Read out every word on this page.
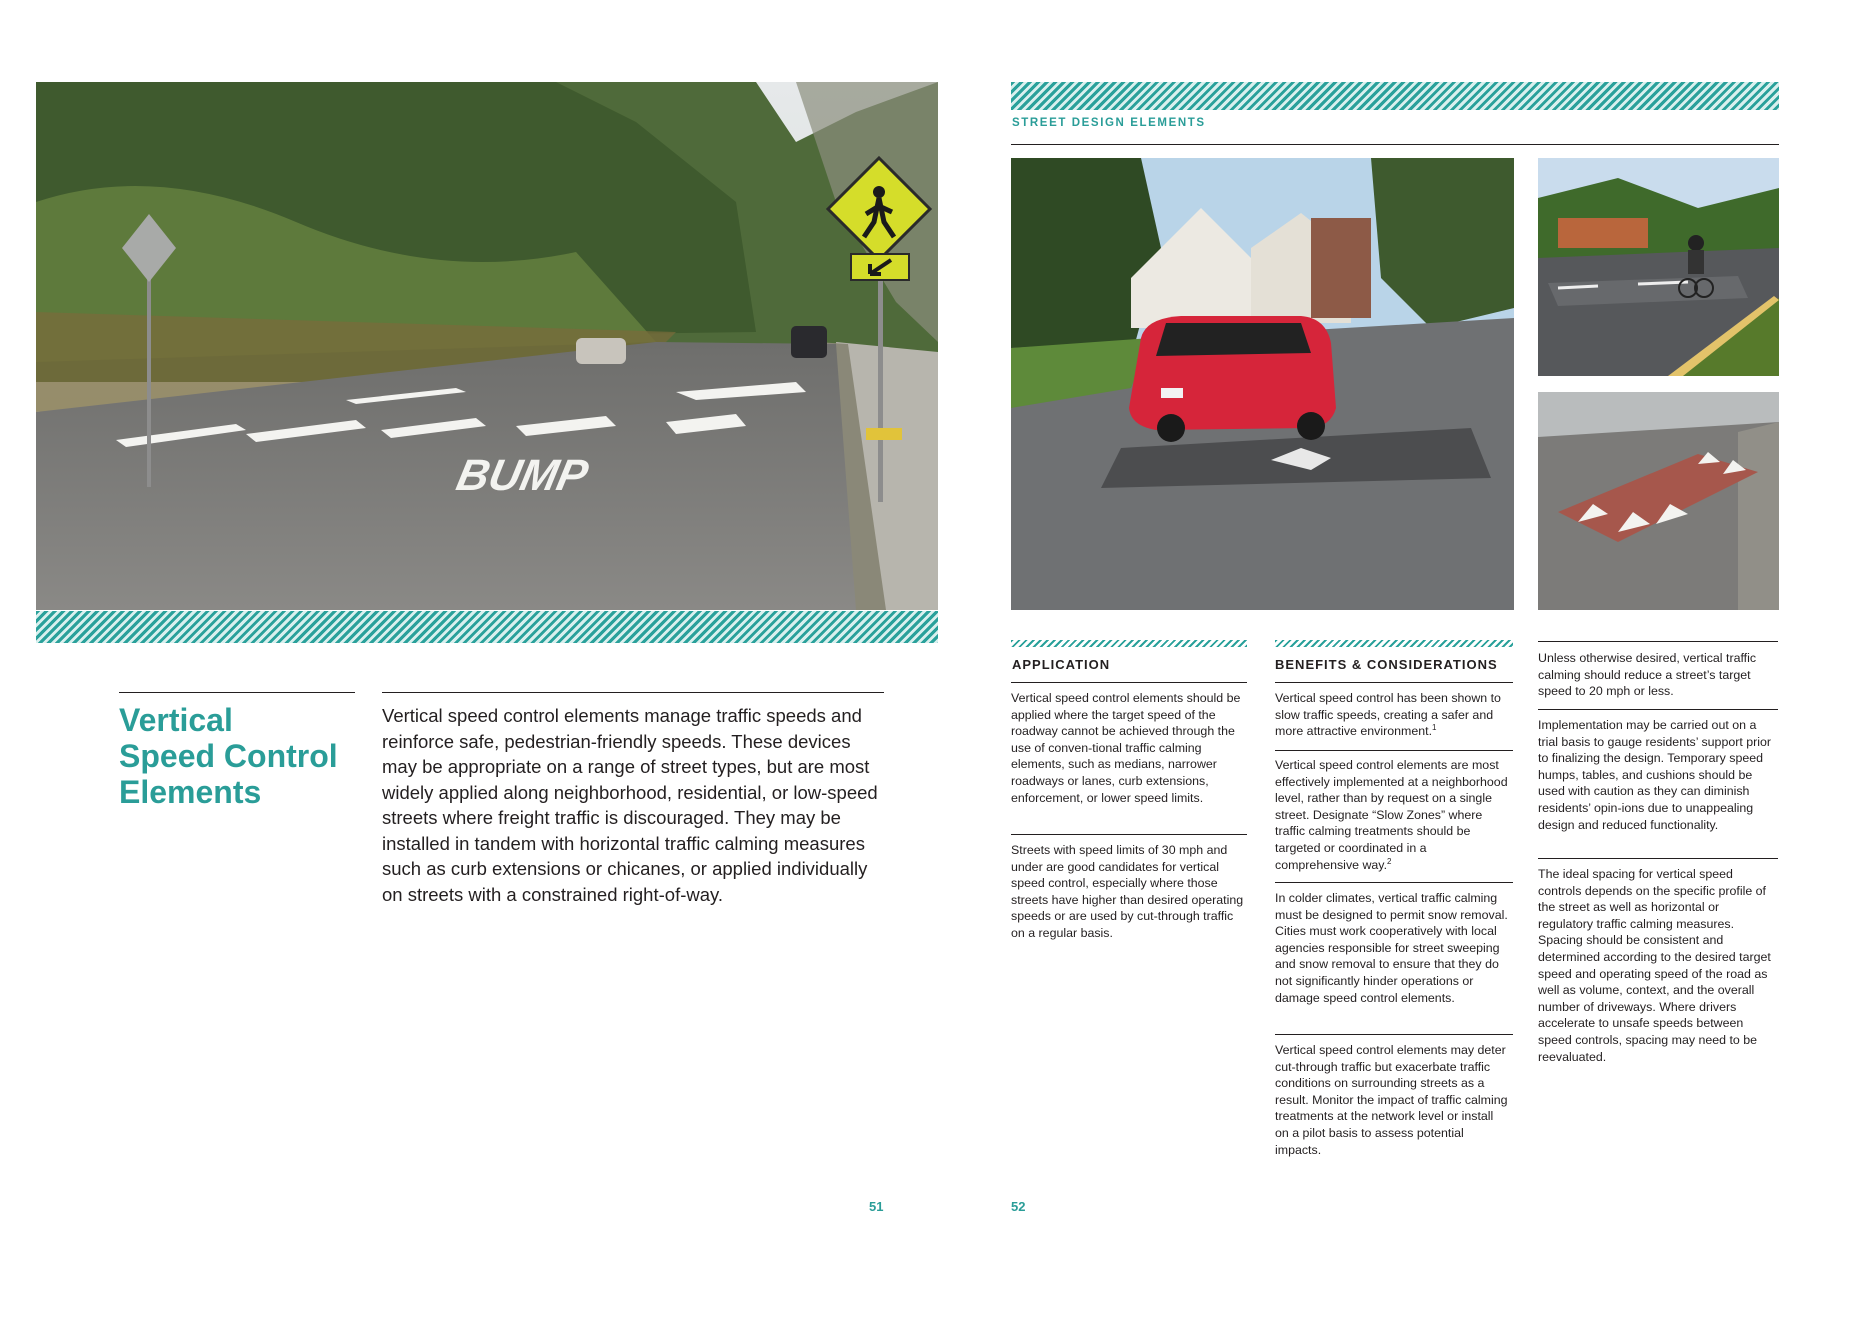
BUMP
Vertical
Speed Control
Elements
Vertical speed control elements manage traffic speeds and reinforce safe, pedestrian-friendly speeds. These devices may be appropriate on a range of street types, but are most widely applied along neighborhood, residential, or low-speed streets where freight traffic is discouraged. They may be installed in tandem with horizontal traffic calming measures such as curb extensions or chicanes, or applied individually on streets with a constrained right-of-way.
51
STREET DESIGN ELEMENTS
APPLICATION
Vertical speed control elements should be applied where the target speed of the roadway cannot be achieved through the use of conven-tional traffic calming elements, such as medians, narrower roadways or lanes, curb extensions, enforcement, or lower speed limits.
Streets with speed limits of 30 mph and under are good candidates for vertical speed control, especially where those streets have higher than desired operating speeds or are used by cut-through traffic on a regular basis.
BENEFITS & CONSIDERATIONS
Vertical speed control has been shown to slow traffic speeds, creating a safer and more attractive environment.$^1$
Vertical speed control elements are most effectively implemented at a neighborhood level, rather than by request on a single street. Designate “Slow Zones” where traffic calming treatments should be targeted or coordinated in a comprehensive way.$^2$
In colder climates, vertical traffic calming must be designed to permit snow removal. Cities must work cooperatively with local agencies responsible for street sweeping and snow removal to ensure that they do not significantly hinder operations or damage speed control elements.
Vertical speed control elements may deter cut-through traffic but exacerbate traffic conditions on surrounding streets as a result. Monitor the impact of traffic calming treatments at the network level or install on a pilot basis to assess potential impacts.
Unless otherwise desired, vertical traffic calming should reduce a street’s target speed to 20 mph or less.
Implementation may be carried out on a trial basis to gauge residents’ support prior to finalizing the design. Temporary speed humps, tables, and cushions should be used with caution as they can diminish residents’ opin-ions due to unappealing design and reduced functionality.
The ideal spacing for vertical speed controls depends on the specific profile of the street as well as horizontal or regulatory traffic calming measures. Spacing should be consistent and determined according to the desired target speed and operating speed of the road as well as volume, context, and the overall number of driveways. Where drivers accelerate to unsafe speeds between speed controls, spacing may need to be reevaluated.
52
